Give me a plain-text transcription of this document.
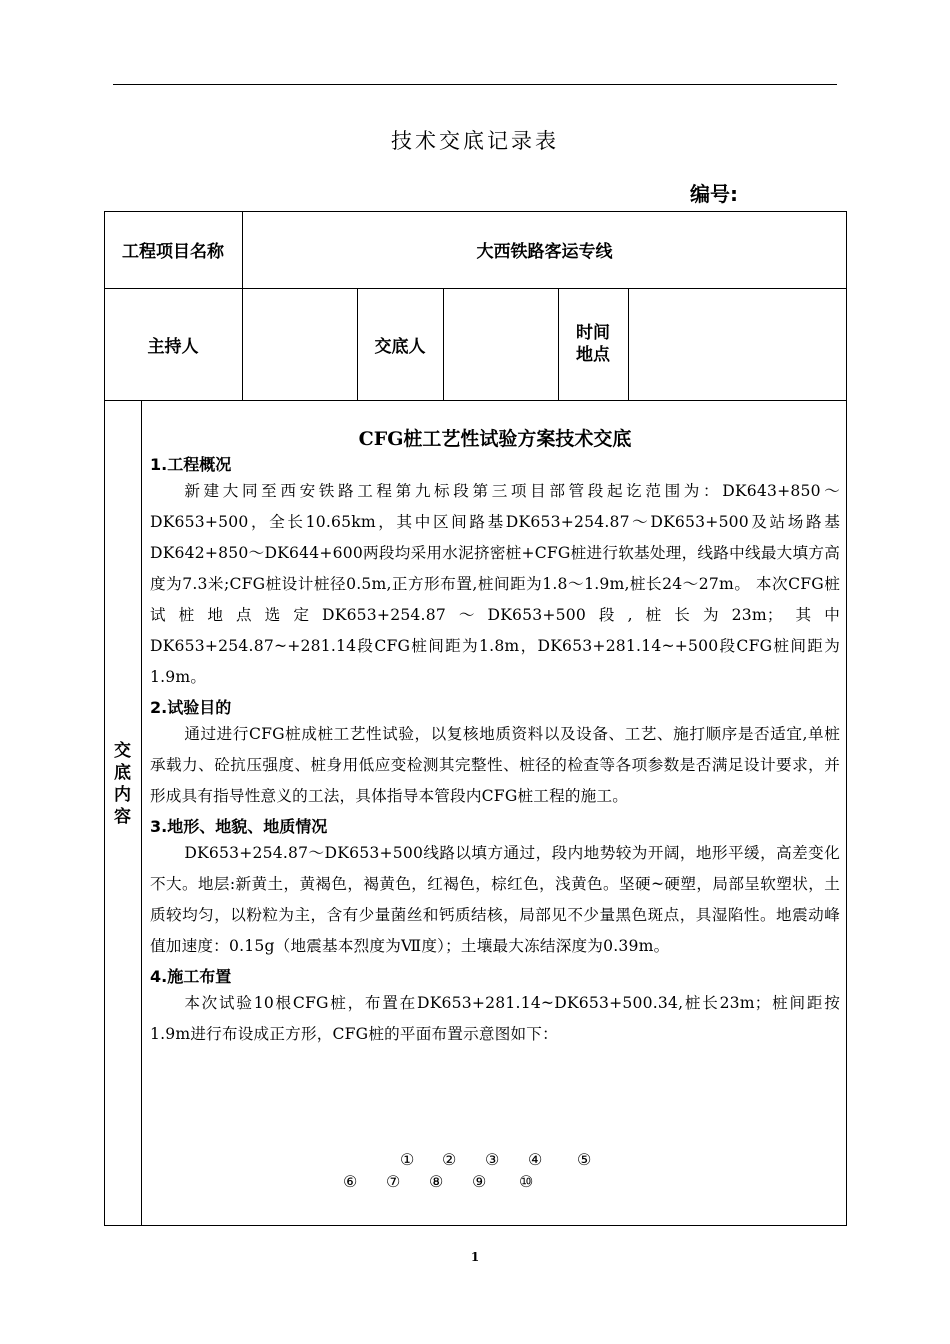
技术交底记录表
编号:
工程项目名称	大西铁路客运专线
主持人	交底人
时间
地点
交
底
内
容
CFG桩工艺性试验方案技术交底
1.工程概况

新建大同至西安铁路工程第九标段第三项目部管段起讫范围为：DK643+850～DK653+500，全长10.65km，其中区间路基DK653+254.87～DK653+500及站场路基DK642+850～DK644+600两段均采用水泥挤密桩+CFG桩进行软基处理，线路中线最大填方高度为7.3米;CFG桩设计桩径0.5m,正方形布置,桩间距为1.8～1.9m,桩长24～27m。 本次CFG桩试桩地点选定DK653+254.87～DK653+500段,桩长为23m；其中DK653+254.87~+281.14段CFG桩间距为1.8m，DK653+281.14~+500段CFG桩间距为1.9m。

2.试验目的

通过进行CFG桩成桩工艺性试验，以复核地质资料以及设备、工艺、施打顺序是否适宜,单桩承载力、砼抗压强度、桩身用低应变检测其完整性、桩径的检查等各项参数是否满足设计要求，并形成具有指导性意义的工法，具体指导本管段内CFG桩工程的施工。

3.地形、地貌、地质情况

DK653+254.87～DK653+500线路以填方通过，段内地势较为开阔，地形平缓，高差变化不大。地层:新黄土，黄褐色，褐黄色，红褐色，棕红色，浅黄色。坚硬~硬塑，局部呈软塑状，土质较均匀，以粉粒为主，含有少量菌丝和钙质结核，局部见不少量黑色斑点，具湿陷性。地震动峰值加速度：0.15g（地震基本烈度为Ⅶ度）；土壤最大冻结深度为0.39m。

4.施工布置

本次试验10根CFG桩，布置在DK653+281.14~DK653+500.34,桩长23m；桩间距按1.9m进行布设成正方形，CFG桩的平面布置示意图如下：

① ② ③ ④ ⑤
⑥ ⑦ ⑧ ⑨ ⑩
1
